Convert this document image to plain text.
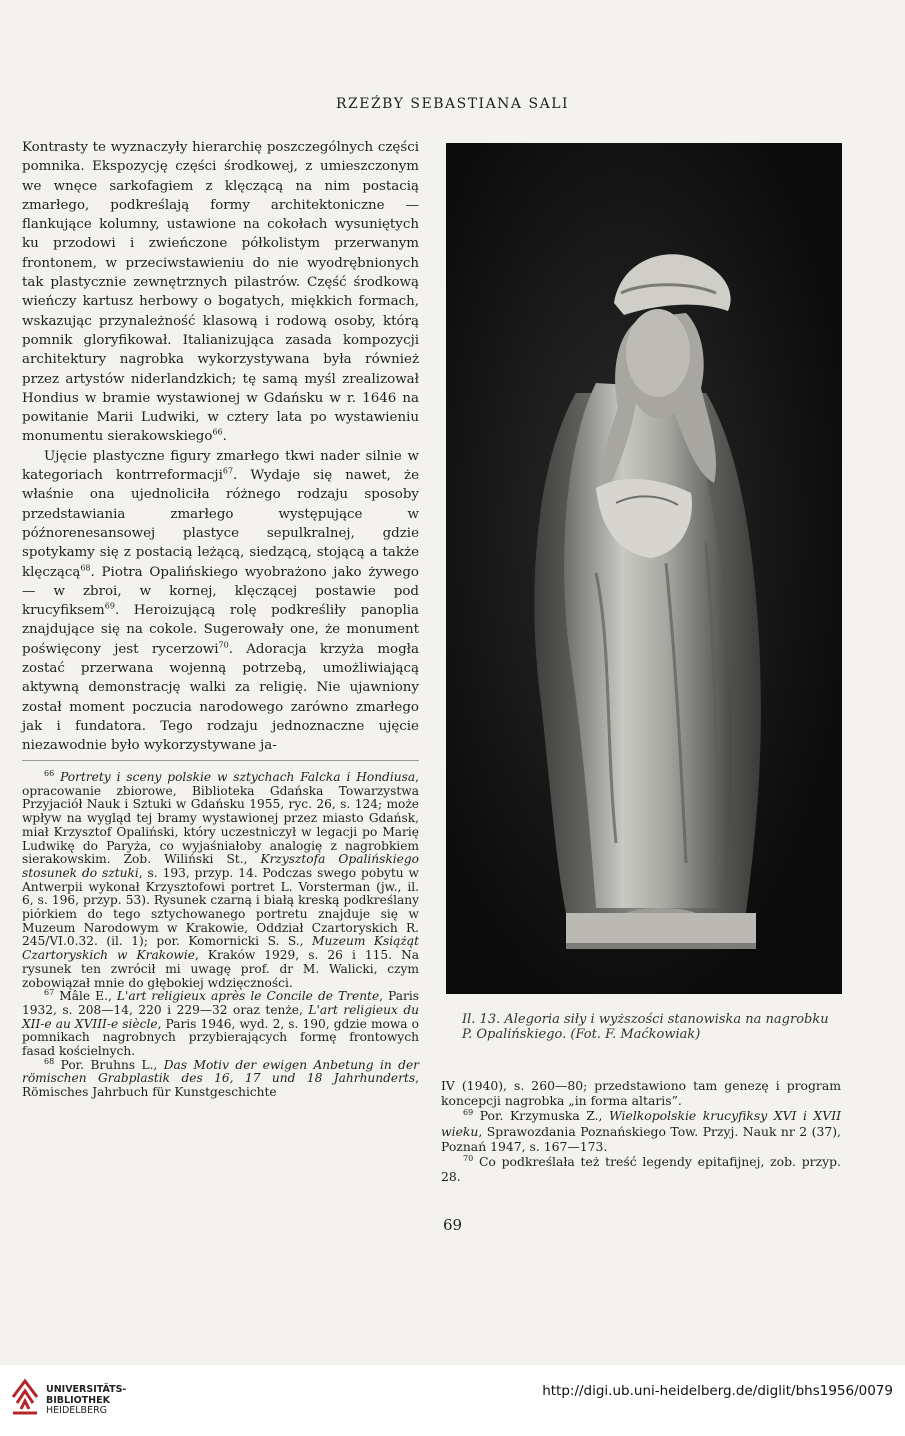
RZEŹBY SEBASTIANA SALI

Kontrasty te wyznaczyły hierarchię poszczególnych części pomnika. Ekspozycję części środkowej, z umieszczonym we wnęce sarkofagiem z klęczącą na nim postacią zmarłego, podkreślają formy architektoniczne — flankujące kolumny, ustawione na cokołach wysuniętych ku przodowi i zwieńczone półkolistym przerwanym frontonem, w przeciwstawieniu do nie wyodrębnionych tak plastycznie zewnętrznych pilastrów. Część środkową wieńczy kartusz herbowy o bogatych, miękkich formach, wskazując przynależność klasową i rodową osoby, którą pomnik gloryfikował. Italianizująca zasada kompozycji architektury nagrobka wykorzystywana była również przez artystów niderlandzkich; tę samą myśl zrealizował Hondius w bramie wystawionej w Gdańsku w r. 1646 na powitanie Marii Ludwiki, w cztery lata po wystawieniu monumentu sierakowskiego$^{66}$.

Ujęcie plastyczne figury zmarłego tkwi nader silnie w kategoriach kontrreformacji$^{67}$. Wydaje się nawet, że właśnie ona ujednoliciła różnego rodzaju sposoby przedstawiania zmarłego występujące w późnorenesansowej plastyce sepulkralnej, gdzie spotykamy się z postacią leżącą, siedzącą, stojącą a także klęczącą$^{68}$. Piotra Opalińskiego wyobrażono jako żywego — w zbroi, w kornej, klęczącej postawie pod krucyfiksem$^{69}$. Heroizującą rolę podkreśliły panoplia znajdujące się na cokole. Sugerowały one, że monument poświęcony jest rycerzowi$^{70}$. Adoracja krzyża mogła zostać przerwana wojenną potrzebą, umożliwiającą aktywną demonstrację walki za religię. Nie ujawniony został moment poczucia narodowego zarówno zmarłego jak i fundatora. Tego rodzaju jednoznaczne ujęcie niezawodnie było wykorzystywane ja-

$^{66}$ Portrety i sceny polskie w sztychach Falcka i Hondiusa, opracowanie zbiorowe, Biblioteka Gdańska Towarzystwa Przyjaciół Nauk i Sztuki w Gdańsku 1955, ryc. 26, s. 124; może wpływ na wygląd tej bramy wystawionej przez miasto Gdańsk, miał Krzysztof Opaliński, który uczestniczył w legacji po Marię Ludwikę do Paryża, co wyjaśniałoby analogię z nagrobkiem sierakowskim. Zob. Wiliński St., Krzysztofa Opalińskiego stosunek do sztuki, s. 193, przyp. 14. Podczas swego pobytu w Antwerpii wykonał Krzysztofowi portret L. Vorsterman (jw., il. 6, s. 196, przyp. 53). Rysunek czarną i białą kreską podkreślany piórkiem do tego sztychowanego portretu znajduje się w Muzeum Narodowym w Krakowie, Oddział Czartoryskich R. 245/VI.0.32. (il. 1); por. Komornicki S. S., Muzeum Książąt Czartoryskich w Krakowie, Kraków 1929, s. 26 i 115. Na rysunek ten zwrócił mi uwagę prof. dr M. Walicki, czym zobowiązał mnie do głębokiej wdzięczności.

$^{67}$ Mâle E., L'art religieux après le Concile de Trente, Paris 1932, s. 208—14, 220 i 229—32 oraz tenże, L'art religieux du XII-e au XVIII-e siècle, Paris 1946, wyd. 2, s. 190, gdzie mowa o pomnikach nagrobnych przybierających formę frontowych fasad kościelnych.

$^{68}$ Por. Bruhns L., Das Motiv der ewigen Anbetung in der römischen Grabplastik des 16, 17 und 18 Jahrhunderts, Römisches Jahrbuch für Kunstgeschichte

Il. 13. Alegoria siły i wyższości stanowiska na nagrobku P. Opalińskiego. (Fot. F. Maćkowiak)

IV (1940), s. 260—80; przedstawiono tam genezę i program koncepcji nagrobka „in forma altaris”.

$^{69}$ Por. Krzymuska Z., Wielkopolskie krucyfiksy XVI i XVII wieku, Sprawozdania Poznańskiego Tow. Przyj. Nauk nr 2 (37), Poznań 1947, s. 167—173.

$^{70}$ Co podkreślała też treść legendy epitafijnej, zob. przyp. 28.

69
UNIVERSITÄTS-
BIBLIOTHEK
HEIDELBERG
http://digi.ub.uni-heidelberg.de/diglit/bhs1956/0079
